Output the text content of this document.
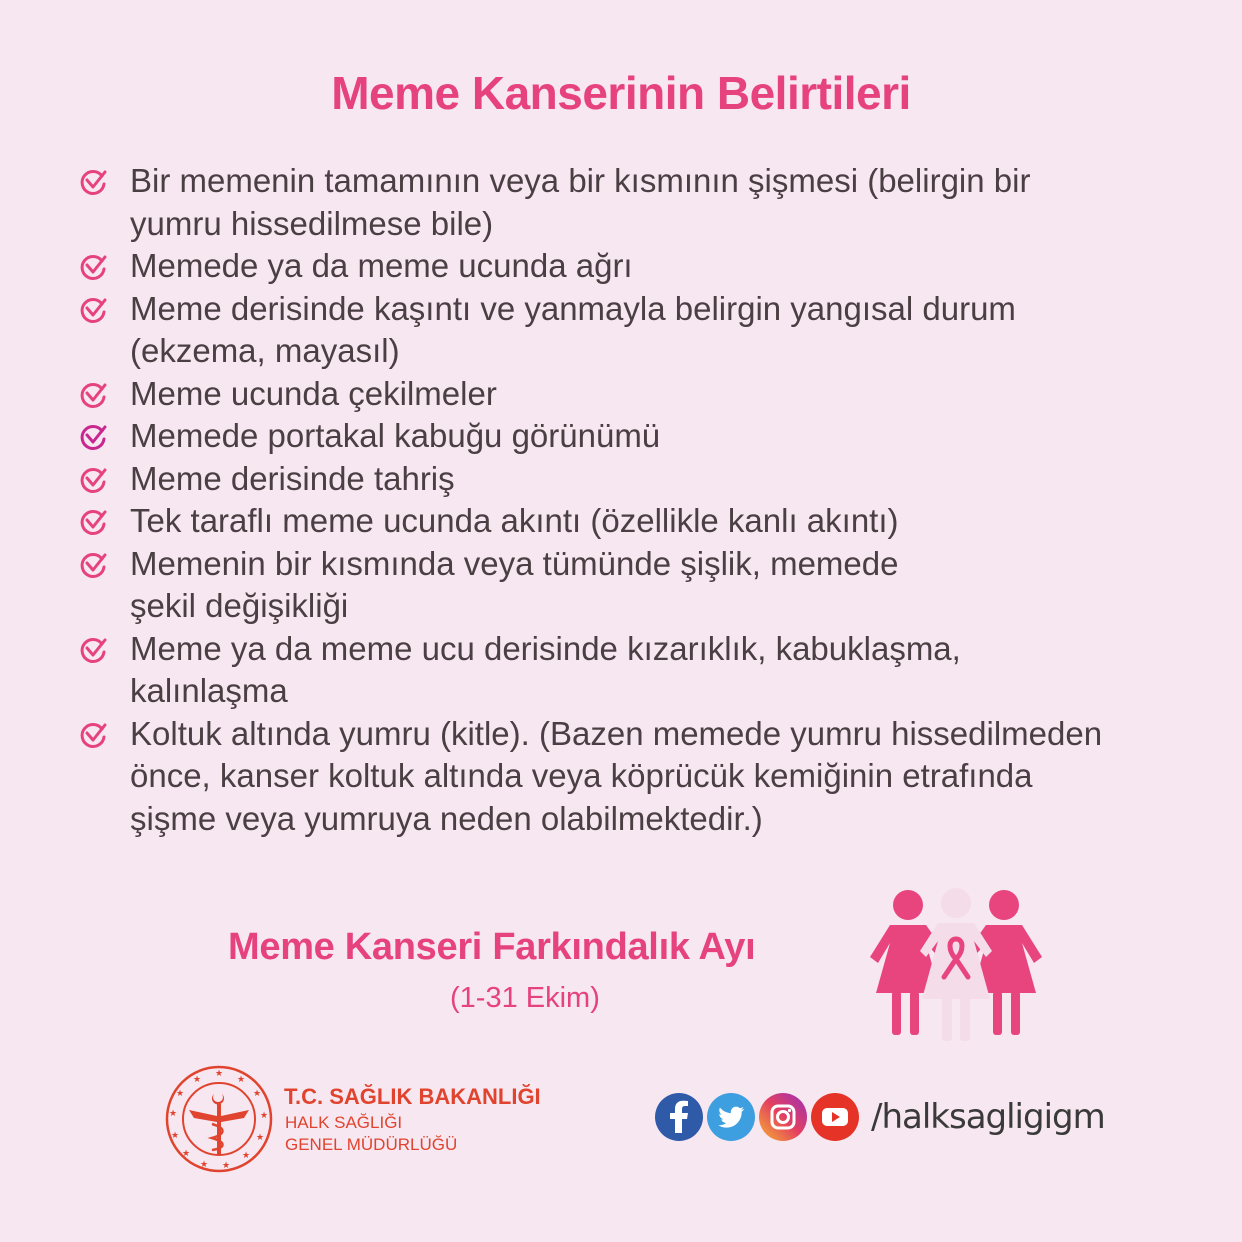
Meme Kanserinin Belirtileri
Bir memenin tamamının veya bir kısmının şişmesi (belirgin bir
yumru hissedilmese bile)
Memede ya da meme ucunda ağrı
Meme derisinde kaşıntı ve yanmayla belirgin yangısal durum
(ekzema, mayasıl)
Meme ucunda çekilmeler
Memede portakal kabuğu görünümü
Meme derisinde tahriş
Tek taraflı meme ucunda akıntı (özellikle kanlı akıntı)
Memenin bir kısmında veya tümünde şişlik, memede
şekil değişikliği
Meme ya da meme ucu derisinde kızarıklık, kabuklaşma,
kalınlaşma
Koltuk altında yumru (kitle). (Bazen memede yumru hissedilmeden
önce, kanser koltuk altında veya köprücük kemiğinin etrafında
şişme veya yumruya neden olabilmektedir.)
Meme Kanseri Farkındalık Ayı
(1-31 Ekim)
★
★
★
★
★
★
★
★
★
★
★
★
★
T.C. SAĞLIK BAKANLIĞI
HALK SAĞLIĞI
GENEL MÜDÜRLÜĞÜ
/halksagligigm
